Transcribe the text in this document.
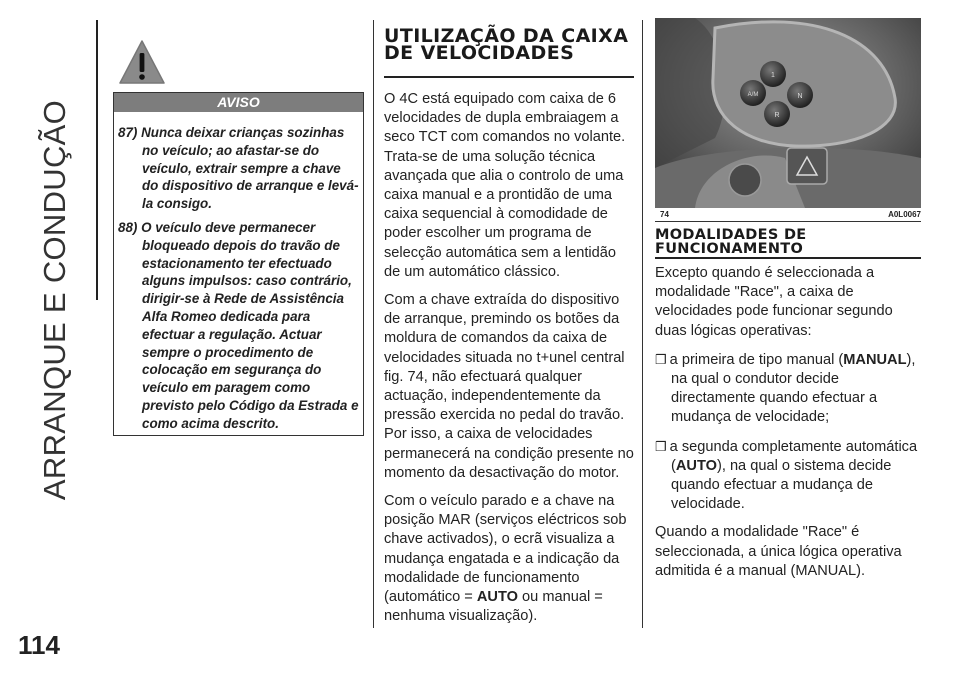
ARRANQUE E CONDUÇÃO
114
AVISO
87) Nunca deixar crianças sozinhas no veículo; ao afastar-se do veículo, extrair sempre a chave do dispositivo de arranque e levá-la consigo.
88) O veículo deve permanecer bloqueado depois do travão de estacionamento ter efectuado alguns impulsos: caso contrário, dirigir-se à Rede de Assistência Alfa Romeo dedicada para efectuar a regulação. Actuar sempre o procedimento de colocação em segurança do veículo em paragem como previsto pelo Código da Estrada e como acima descrito.
UTILIZAÇÃO DA CAIXA DE VELOCIDADES

O 4C está equipado com caixa de 6 velocidades de dupla embraiagem a seco TCT com comandos no volante. Trata-se de uma solução técnica avançada que alia o controlo de uma caixa manual e a prontidão de uma caixa sequencial à comodidade de poder escolher um programa de selecção automática sem a lentidão de um automático clássico.

Com a chave extraída do dispositivo de arranque, premindo os botões da moldura de comandos da caixa de velocidades situada no t+unel central fig. 74, não efectuará qualquer actuação, independentemente da pressão exercida no pedal do travão. Por isso, a caixa de velocidades permanecerá na condição presente no momento da desactivação do motor.

Com o veículo parado e a chave na posição MAR (serviços eléctricos sob chave activados), o ecrã visualiza a mudança engatada e a indicação da modalidade de funcionamento (automático = AUTO ou manual = nenhuma visualização).

1
A/M	N
R
74	A0L0067
MODALIDADES DE FUNCIONAMENTO

Excepto quando é seleccionada a modalidade "Race", a caixa de velocidades pode funcionar segundo duas lógicas operativas:

❒ a primeira de tipo manual (MANUAL), na qual o condutor decide directamente quando efectuar a mudança de velocidade;
❒ a segunda completamente automática (AUTO), na qual o sistema decide quando efectuar a mudança de velocidade.

Quando a modalidade "Race" é seleccionada, a única lógica operativa admitida é a manual (MANUAL).
